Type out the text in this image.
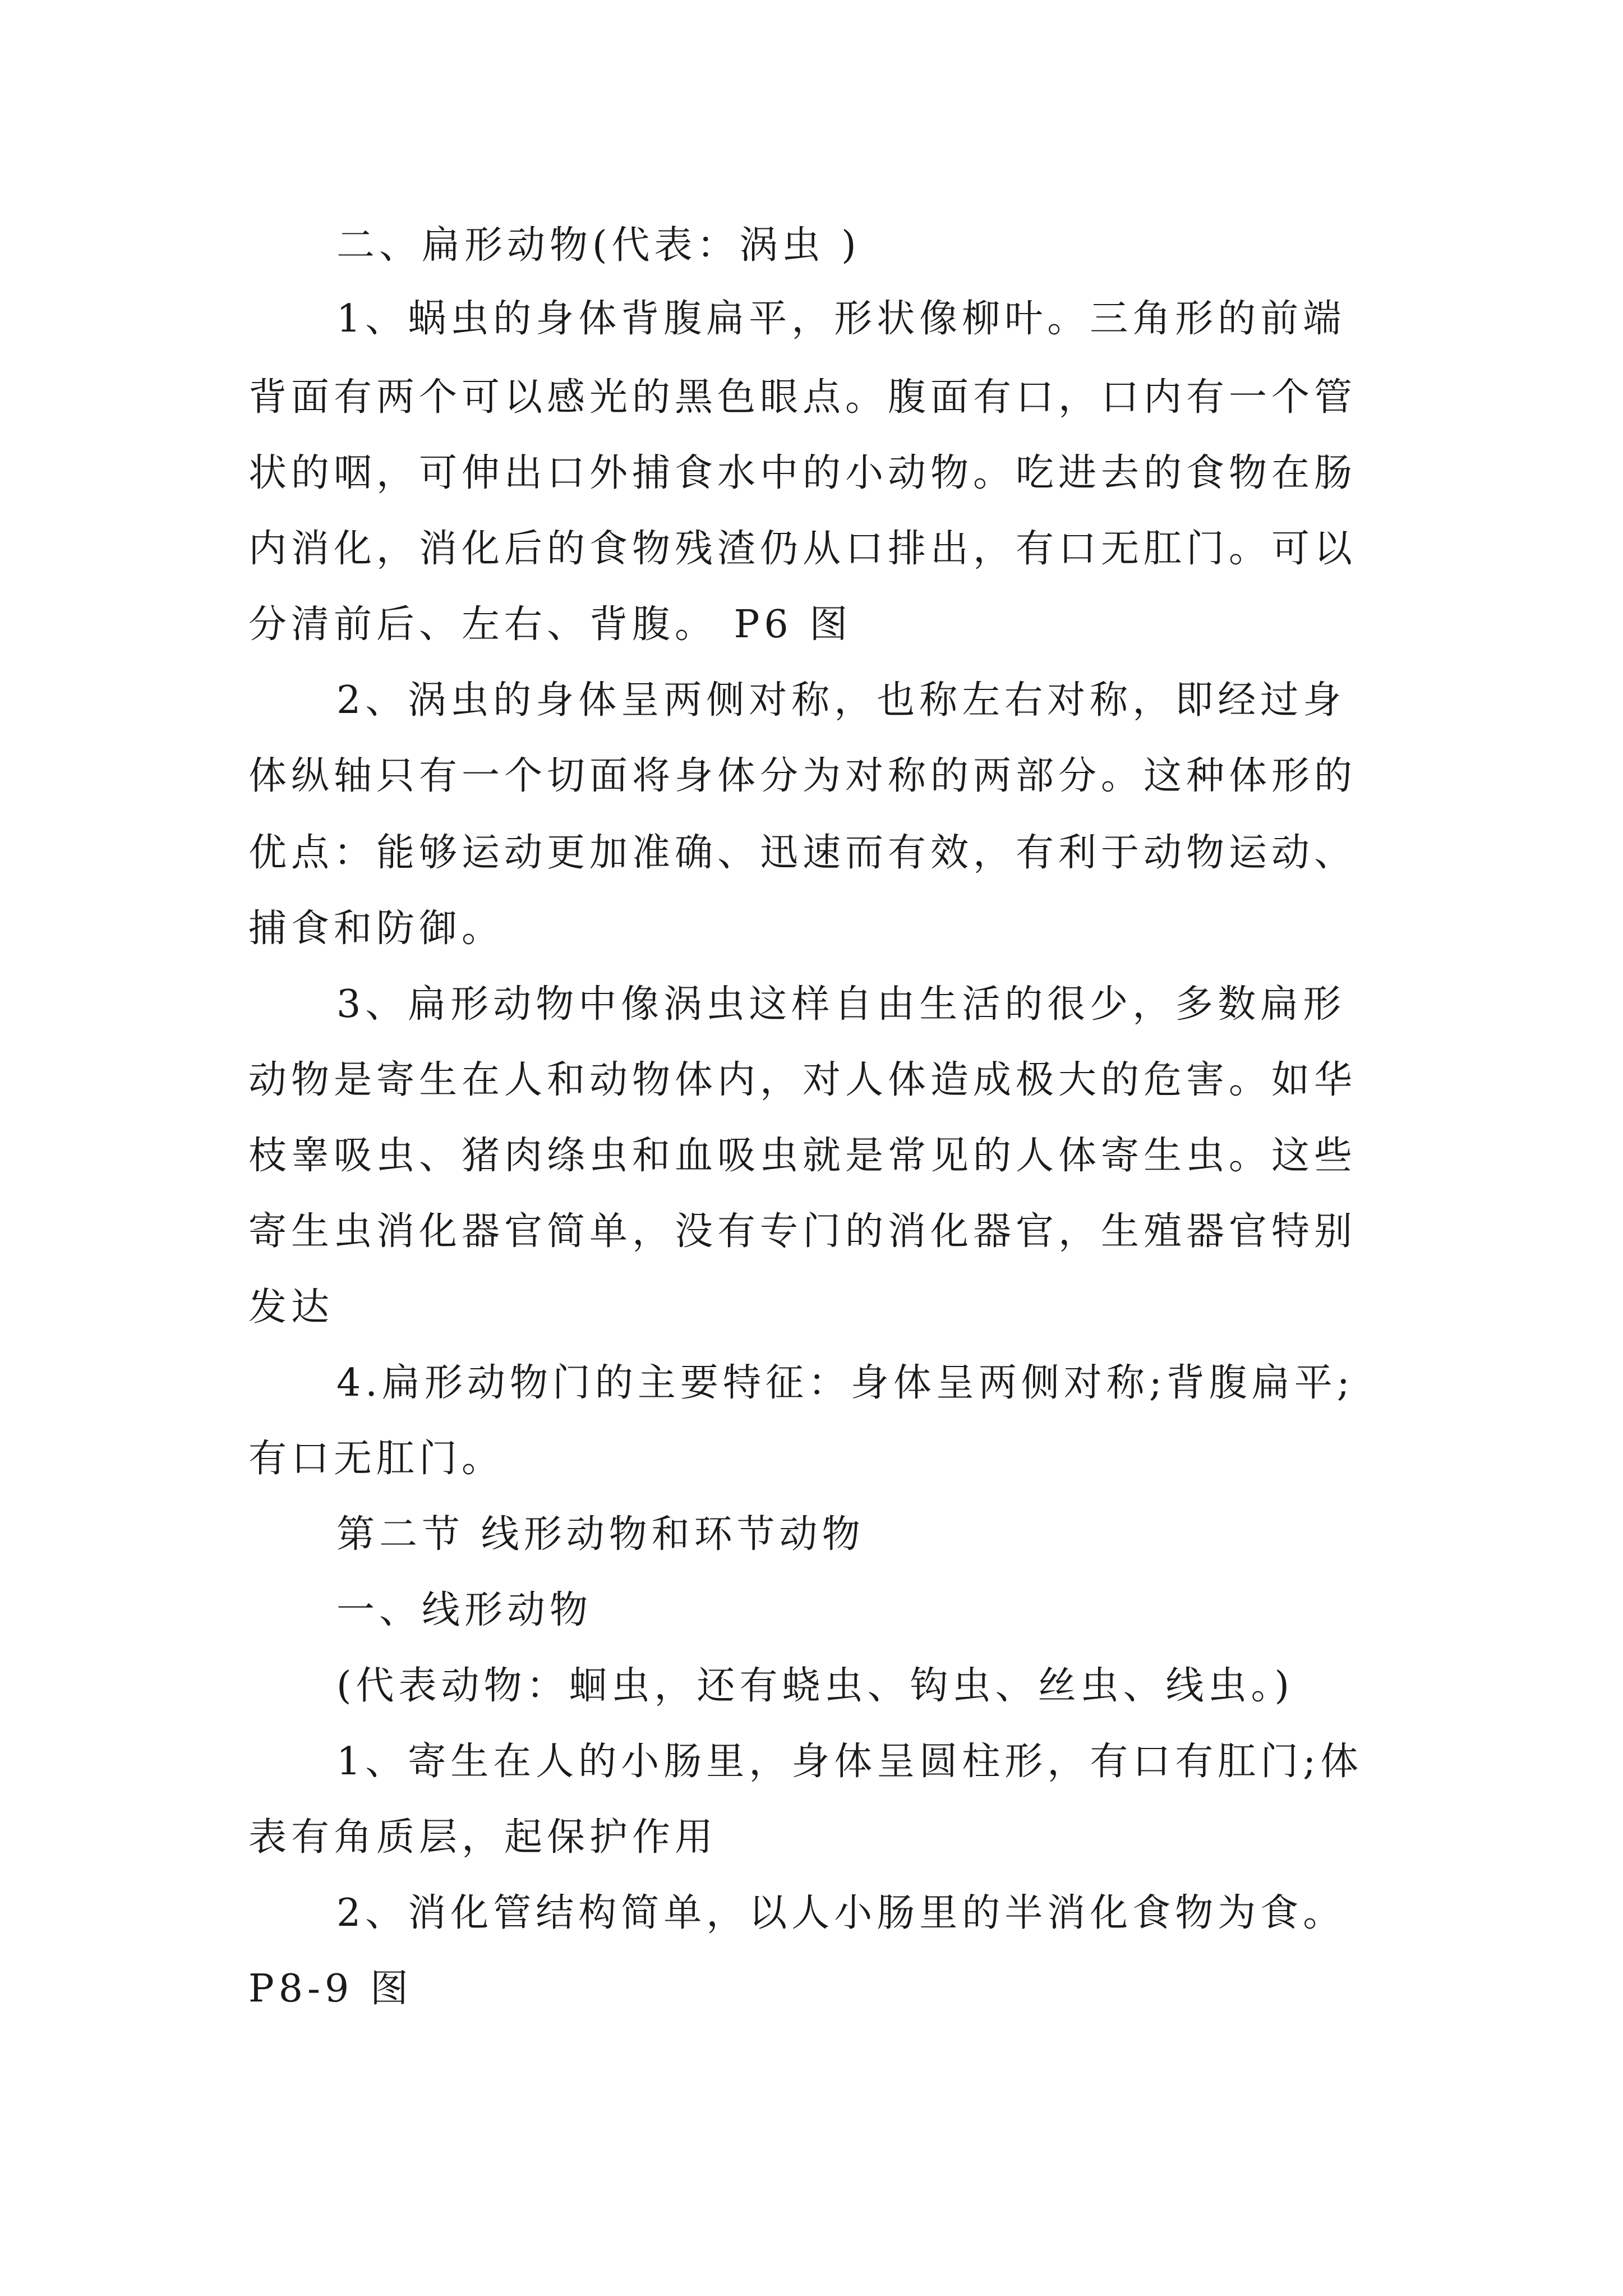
二、扁形动物(代表：涡虫 )

1、蜗虫的身体背腹扁平，形状像柳叶。三角形的前端

背面有两个可以感光的黑色眼点。腹面有口，口内有一个管

状的咽，可伸出口外捕食水中的小动物。吃进去的食物在肠

内消化，消化后的食物残渣仍从口排出，有口无肛门。可以

分清前后、左右、背腹。 P6 图

2、涡虫的身体呈两侧对称，也称左右对称，即经过身

体纵轴只有一个切面将身体分为对称的两部分。这种体形的

优点：能够运动更加准确、迅速而有效，有利于动物运动、

捕食和防御。

3、扁形动物中像涡虫这样自由生活的很少，多数扁形

动物是寄生在人和动物体内，对人体造成极大的危害。如华

枝睾吸虫、猪肉绦虫和血吸虫就是常见的人体寄生虫。这些

寄生虫消化器官简单，没有专门的消化器官，生殖器官特别

发达

4.扁形动物门的主要特征：身体呈两侧对称;背腹扁平;

有口无肛门。

第二节 线形动物和环节动物

一、线形动物

(代表动物：蛔虫，还有蛲虫、钩虫、丝虫、线虫。)

1、寄生在人的小肠里，身体呈圆柱形，有口有肛门;体

表有角质层，起保护作用

2、消化管结构简单，以人小肠里的半消化食物为食。

P8-9 图
